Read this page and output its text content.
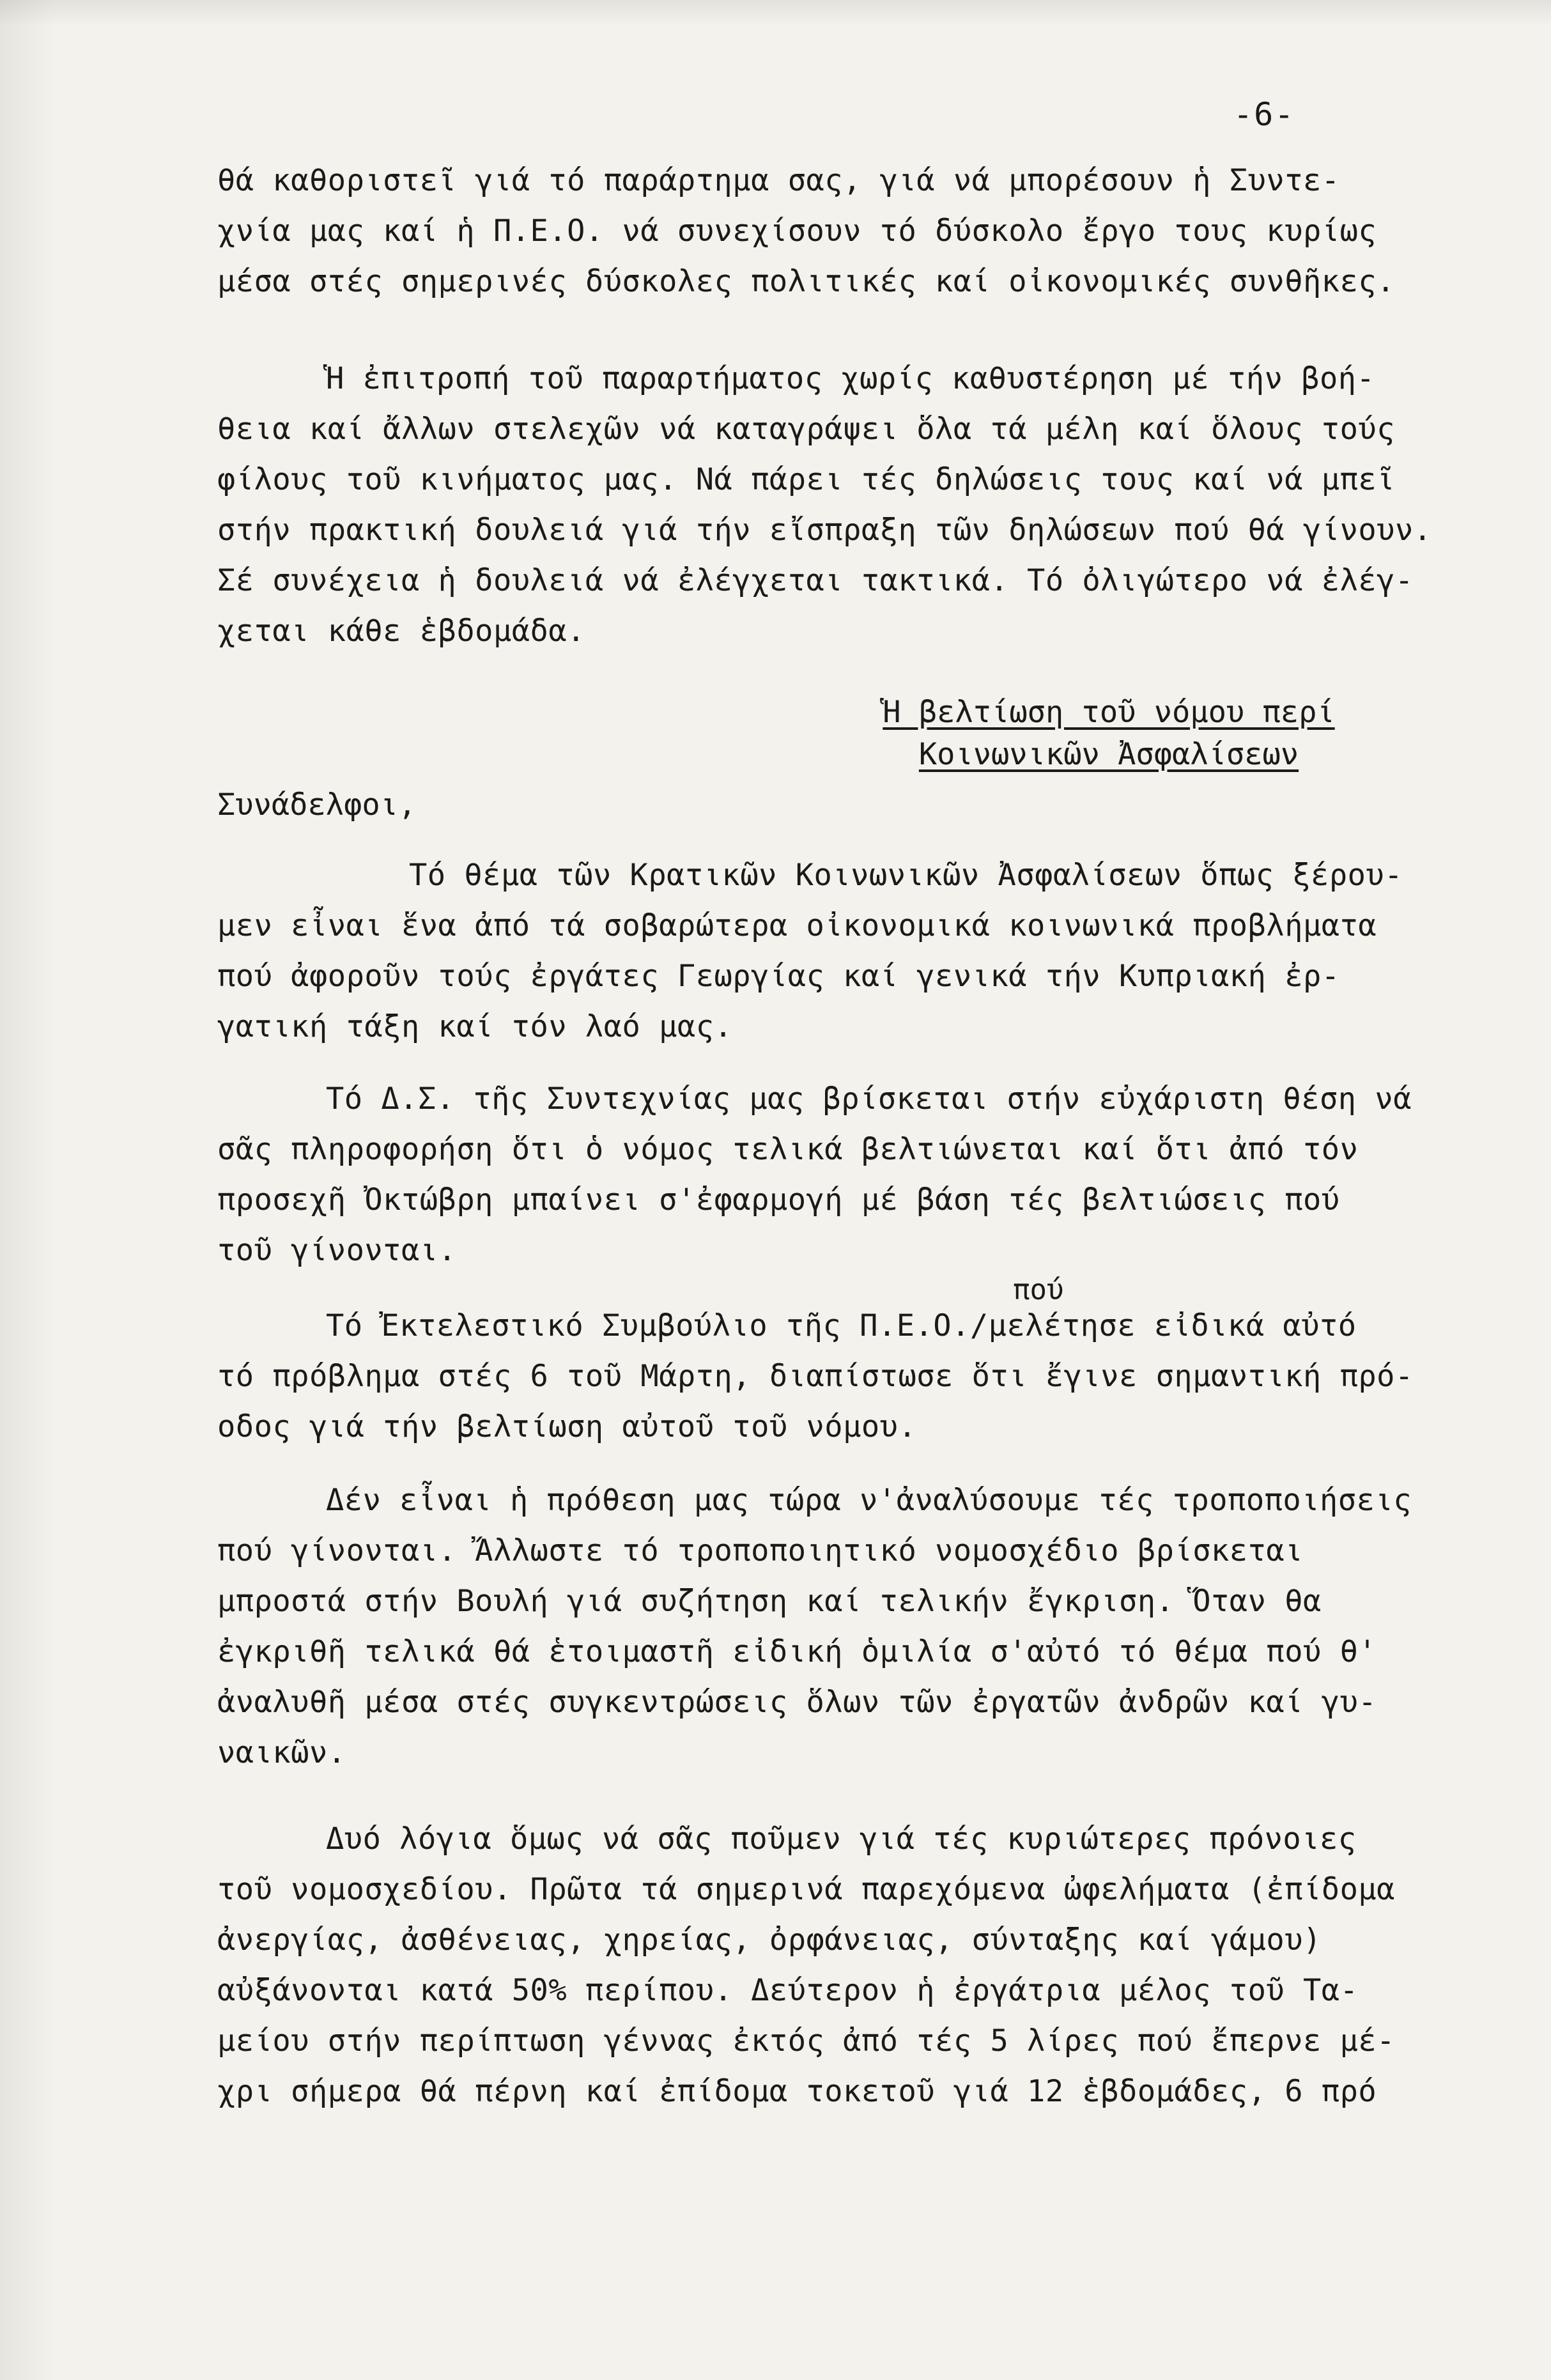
-6-
θά καθοριστεῖ γιά τό παράρτημα σας, γιά νά μπορέσουν ἡ Συντε-
χνία μας καί ἡ Π.Ε.Ο. νά συνεχίσουν τό δύσκολο ἔργο τους κυρίως
μέσα στές σημερινές δύσκολες πολιτικές καί οἰκονομικές συνθῆκες.
Ἡ ἐπιτροπή τοῦ παραρτήματος χωρίς καθυστέρηση μέ τήν βοή-
θεια καί ἄλλων στελεχῶν νά καταγράψει ὅλα τά μέλη καί ὅλους τούς
φίλους τοῦ κινήματος μας. Νά πάρει τές δηλώσεις τους καί νά μπεῖ
στήν πρακτική δουλειά γιά τήν εἴσπραξη τῶν δηλώσεων πού θά γίνουν.
Σέ συνέχεια ἡ δουλειά νά ἐλέγχεται τακτικά. Τό ὀλιγώτερο νά ἐλέγ-
χεται κάθε ἑβδομάδα.
Ἡ βελτίωση τοῦ νόμου περί
Κοινωνικῶν Ἀσφαλίσεων
Συνάδελφοι,
Τό θέμα τῶν Κρατικῶν Κοινωνικῶν Ἀσφαλίσεων ὅπως ξέρου-
μεν εἶναι ἕνα ἀπό τά σοβαρώτερα οἰκονομικά κοινωνικά προβλήματα
πού ἀφοροῦν τούς ἐργάτες Γεωργίας καί γενικά τήν Κυπριακή ἐρ-
γατική τάξη καί τόν λαό μας.
Τό Δ.Σ. τῆς Συντεχνίας μας βρίσκεται στήν εὐχάριστη θέση νά
σᾶς πληροφορήση ὅτι ὁ νόμος τελικά βελτιώνεται καί ὅτι ἀπό τόν
προσεχῆ Ὀκτώβρη μπαίνει σ'ἐφαρμογή μέ βάση τές βελτιώσεις πού
τοῦ γίνονται.
πού
Τό Ἐκτελεστικό Συμβούλιο τῆς Π.Ε.Ο./μελέτησε εἰδικά αὐτό
τό πρόβλημα στές 6 τοῦ Μάρτη, διαπίστωσε ὅτι ἔγινε σημαντική πρό-
οδος γιά τήν βελτίωση αὐτοῦ τοῦ νόμου.
Δέν εἶναι ἡ πρόθεση μας τώρα ν'ἀναλύσουμε τές τροποποιήσεις
πού γίνονται. Ἄλλωστε τό τροποποιητικό νομοσχέδιο βρίσκεται
μπροστά στήν Βουλή γιά συζήτηση καί τελικήν ἔγκριση. Ὅταν θα
ἐγκριθῆ τελικά θά ἑτοιμαστῆ εἰδική ὁμιλία σ'αὐτό τό θέμα πού θ'
ἀναλυθῆ μέσα στές συγκεντρώσεις ὅλων τῶν ἐργατῶν ἀνδρῶν καί γυ-
ναικῶν.
Δυό λόγια ὅμως νά σᾶς ποῦμεν γιά τές κυριώτερες πρόνοιες
τοῦ νομοσχεδίου. Πρῶτα τά σημερινά παρεχόμενα ὠφελήματα (ἐπίδομα
ἀνεργίας, ἀσθένειας, χηρείας, ὀρφάνειας, σύνταξης καί γάμου)
αὐξάνονται κατά 50% περίπου. Δεύτερον ἡ ἐργάτρια μέλος τοῦ Τα-
μείου στήν περίπτωση γέννας ἐκτός ἀπό τές 5 λίρες πού ἔπερνε μέ-
χρι σήμερα θά πέρνη καί ἐπίδομα τοκετοῦ γιά 12 ἑβδομάδες, 6 πρό
